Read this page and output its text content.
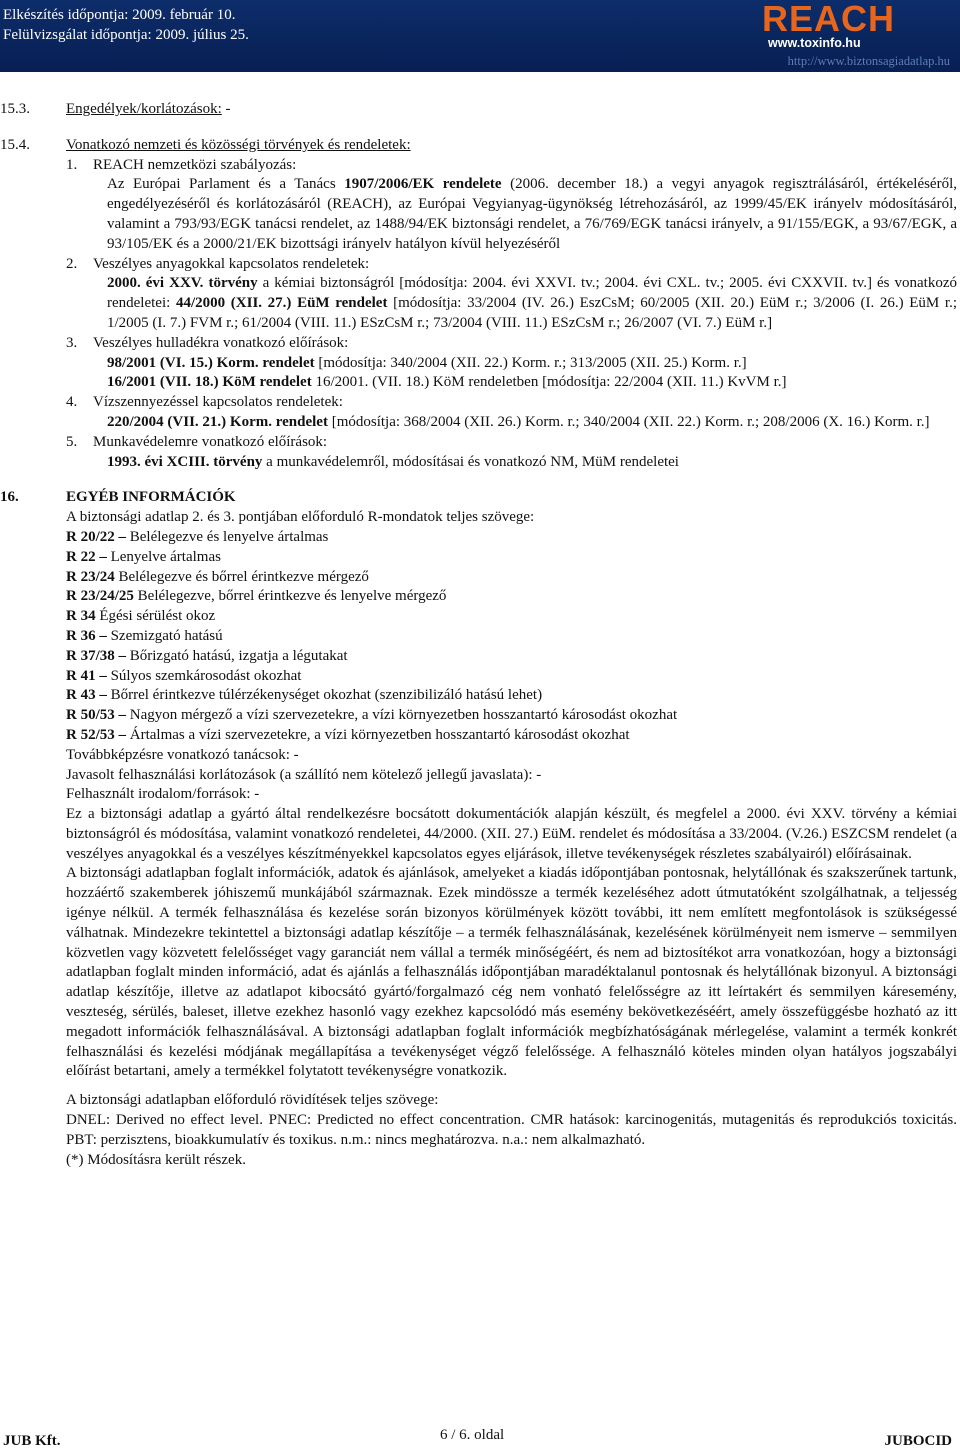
Elkészítés időpontja: 2009. február 10.
Felülvizsgálat időpontja: 2009. július 25.	REACH
www.toxinfo.hu
http://www.biztonsagiadatlap.hu
15.3. Engedélyek/korlátozások: -
15.4. Vonatkozó nemzeti és közösségi törvények és rendeletek:
1. REACH nemzetközi szabályozás:
Az Európai Parlament és a Tanács 1907/2006/EK rendelete (2006. december 18.) a vegyi anyagok regisztrálásáról, értékeléséről, engedélyezéséről és korlátozásáról (REACH), az Európai Vegyianyag-ügynökség létrehozásáról, az 1999/45/EK irányelv módosításáról, valamint a 793/93/EGK tanácsi rendelet, az 1488/94/EK biztonsági rendelet, a 76/769/EGK tanácsi irányelv, a 91/155/EGK, a 93/67/EGK, a 93/105/EK és a 2000/21/EK bizottsági irányelv hatályon kívül helyezéséről
2. Veszélyes anyagokkal kapcsolatos rendeletek:
2000. évi XXV. törvény a kémiai biztonságról [módosítja: 2004. évi XXVI. tv.; 2004. évi CXL. tv.; 2005. évi CXXVII. tv.] és vonatkozó rendeletei: 44/2000 (XII. 27.) EüM rendelet [módosítja: 33/2004 (IV. 26.) EszCsM; 60/2005 (XII. 20.) EüM r.; 3/2006 (I. 26.) EüM r.; 1/2005 (I. 7.) FVM r.; 61/2004 (VIII. 11.) ESzCsM r.; 73/2004 (VIII. 11.) ESzCsM r.; 26/2007 (VI. 7.) EüM r.]
3. Veszélyes hulladékra vonatkozó előírások:
98/2001 (VI. 15.) Korm. rendelet [módosítja: 340/2004 (XII. 22.) Korm. r.; 313/2005 (XII. 25.) Korm. r.]
16/2001 (VII. 18.) KöM rendelet 16/2001. (VII. 18.) KöM rendeletben [módosítja: 22/2004 (XII. 11.) KvVM r.]
4. Vízszennyezéssel kapcsolatos rendeletek:
220/2004 (VII. 21.) Korm. rendelet [módosítja: 368/2004 (XII. 26.) Korm. r.; 340/2004 (XII. 22.) Korm. r.; 208/2006 (X. 16.) Korm. r.]
5. Munkavédelemre vonatkozó előírások:
1993. évi XCIII. törvény a munkavédelemről, módosításai és vonatkozó NM, MüM rendeletei
16.	EGYÉB INFORMÁCIÓK
A biztonsági adatlap 2. és 3. pontjában előforduló R-mondatok teljes szövege:
R 20/22 – Belélegezve és lenyelve ártalmas
R 22 – Lenyelve ártalmas
R 23/24 Belélegezve és bőrrel érintkezve mérgező
R 23/24/25 Belélegezve, bőrrel érintkezve és lenyelve mérgező
R 34 Égési sérülést okoz
R 36 – Szemizgató hatású
R 37/38 – Bőrizgató hatású, izgatja a légutakat
R 41 – Súlyos szemkárosodást okozhat
R 43 – Bőrrel érintkezve túlérzékenységet okozhat (szenzibilizáló hatású lehet)
R 50/53 – Nagyon mérgező a vízi szervezetekre, a vízi környezetben hosszantartó károsodást okozhat
R 52/53 – Ártalmas a vízi szervezetekre, a vízi környezetben hosszantartó károsodást okozhat
Továbbképzésre vonatkozó tanácsok: -
Javasolt felhasználási korlátozások (a szállító nem kötelező jellegű javaslata): -
Felhasznált irodalom/források: -
Ez a biztonsági adatlap a gyártó által rendelkezésre bocsátott dokumentációk alapján készült, és megfelel a 2000. évi XXV. törvény a kémiai biztonságról és módosítása, valamint vonatkozó rendeletei, 44/2000. (XII. 27.) EüM. rendelet és módosítása a 33/2004. (V.26.) ESZCSM rendelet (a veszélyes anyagokkal és a veszélyes készítményekkel kapcsolatos egyes eljárások, illetve tevékenységek részletes szabályairól) előírásainak.
A biztonsági adatlapban foglalt információk, adatok és ajánlások, amelyeket a kiadás időpontjában pontosnak, helytállónak és szakszerűnek tartunk, hozzáértő szakemberek jóhiszemű munkájából származnak. Ezek mindössze a termék kezeléséhez adott útmutatóként szolgálhatnak, a teljesség igénye nélkül. A termék felhasználása és kezelése során bizonyos körülmények között további, itt nem említett megfontolások is szükségessé válhatnak. Mindezekre tekintettel a biztonsági adatlap készítője – a termék felhasználásának, kezelésének körülményeit nem ismerve – semmilyen közvetlen vagy közvetett felelősséget vagy garanciát nem vállal a termék minőségéért, és nem ad biztosítékot arra vonatkozóan, hogy a biztonsági adatlapban foglalt minden információ, adat és ajánlás a felhasználás időpontjában maradéktalanul pontosnak és helytállónak bizonyul. A biztonsági adatlap készítője, illetve az adatlapot kibocsátó gyártó/forgalmazó cég nem vonható felelősségre az itt leírtakért és semmilyen káresemény, veszteség, sérülés, baleset, illetve ezekhez hasonló vagy ezekhez kapcsolódó más esemény bekövetkezéséért, amely összefüggésbe hozható az itt megadott információk felhasználásával. A biztonsági adatlapban foglalt információk megbízhatóságának mérlegelése, valamint a termék konkrét felhasználási és kezelési módjának megállapítása a tevékenységet végző felelőssége. A felhasználó köteles minden olyan hatályos jogszabályi előírást betartani, amely a termékkel folytatott tevékenységre vonatkozik.
A biztonsági adatlapban előforduló rövidítések teljes szövege:
DNEL: Derived no effect level. PNEC: Predicted no effect concentration. CMR hatások: karcinogenitás, mutagenitás és reprodukciós toxicitás. PBT: perzisztens, bioakkumulatív és toxikus. n.m.: nincs meghatározva. n.a.: nem alkalmazható.
(*) Módosításra került részek.
JUB Kft.	6 / 6. oldal	JUBOCID
